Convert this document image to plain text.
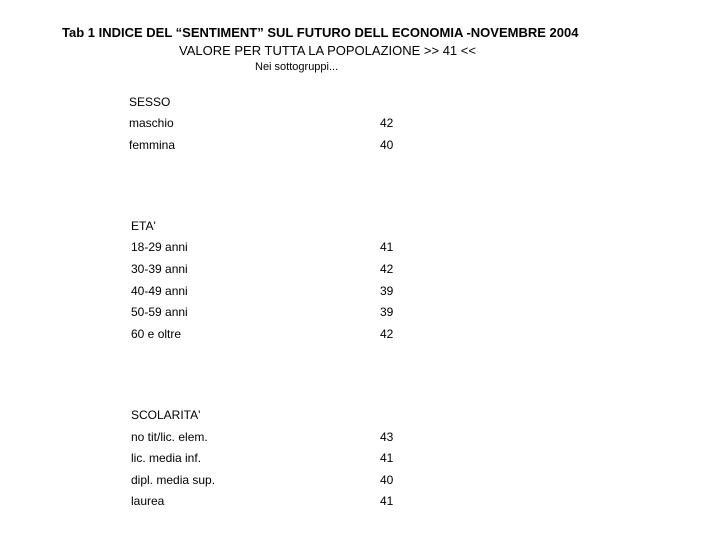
Tab 1 INDICE DEL “SENTIMENT” SUL FUTURO DELL ECONOMIA -NOVEMBRE 2004
VALORE PER TUTTA LA POPOLAZIONE >> 41 <<
Nei sottogruppi...
SESSO
maschio	42
femmina	40
ETA'
18-29 anni	41
30-39 anni	42
40-49 anni	39
50-59 anni	39
60 e oltre	42
SCOLARITA'
no tit/lic. elem.	43
lic. media inf.	41
dipl. media sup.	40
laurea	41
